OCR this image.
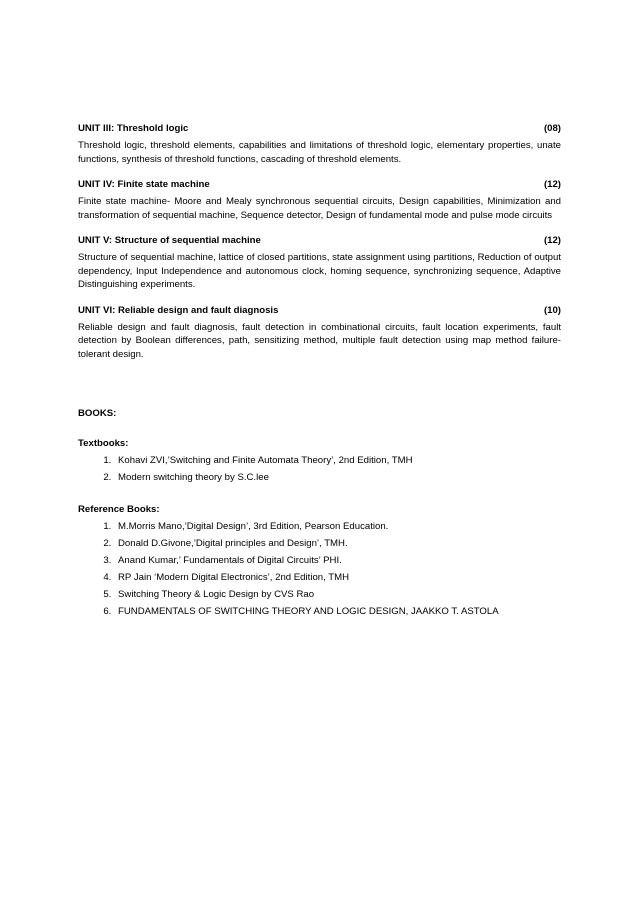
UNIT III: Threshold logic	(08)
Threshold logic, threshold elements, capabilities and limitations of threshold logic, elementary properties, unate functions, synthesis of threshold functions, cascading of threshold elements.
UNIT IV: Finite state machine	(12)
Finite state machine- Moore and Mealy synchronous sequential circuits, Design capabilities, Minimization and transformation of sequential machine, Sequence detector, Design of fundamental mode and pulse mode circuits
UNIT V: Structure of sequential machine	(12)
Structure of sequential machine, lattice of closed partitions, state assignment using partitions, Reduction of output dependency, Input Independence and autonomous clock, homing sequence, synchronizing sequence, Adaptive Distinguishing experiments.
UNIT VI: Reliable design and fault diagnosis	(10)
Reliable design and fault diagnosis, fault detection in combinational circuits, fault location experiments, fault detection by Boolean differences, path, sensitizing method, multiple fault detection using map method failure- tolerant design.
BOOKS:
Textbooks:
1. Kohavi ZVI,’Switching and Finite Automata Theory’, 2nd Edition, TMH
2. Modern switching theory by S.C.lee
Reference Books:
1. M.Morris Mano,’Digital Design’, 3rd Edition, Pearson Education.
2. Donald D.Givone,’Digital principles and Design’, TMH.
3. Anand Kumar,’ Fundamentals of Digital Circuits’ PHI.
4. RP Jain ‘Modern Digital Electronics’, 2nd Edition, TMH
5. Switching Theory & Logic Design by CVS Rao
6. FUNDAMENTALS OF SWITCHING THEORY AND LOGIC DESIGN, JAAKKO T. ASTOLA
